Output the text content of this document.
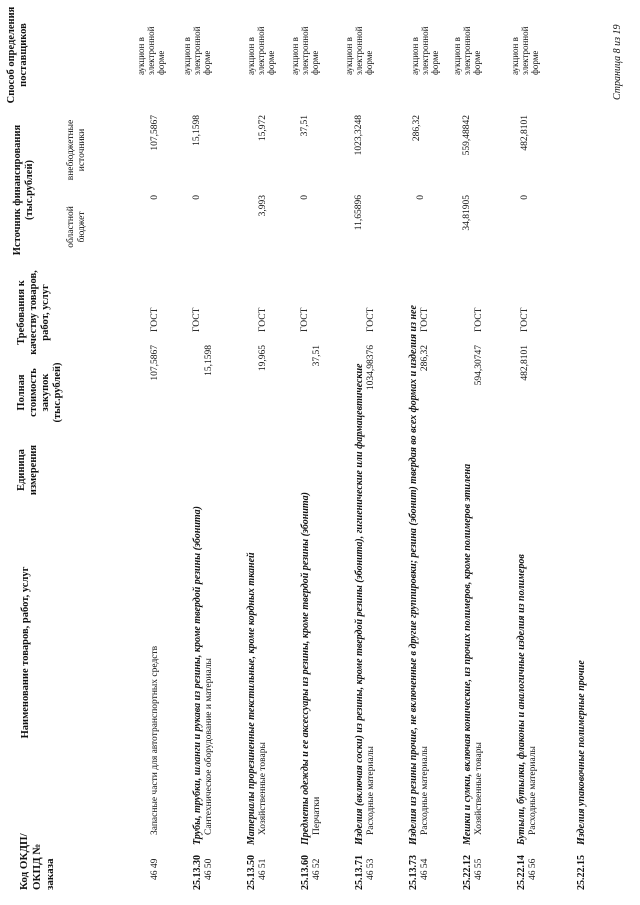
Код ОКДП/ ОКПД № заказа
Наименование товаров, работ, услуг
Единица измерения
Полная стоимость закупок (тыс.рублей)
Требования к качеству товаров, работ, услуг
Источник финансирования (тыс.рублей)
областной бюджет
внебюджетные источники
Способ определения поставщиков
46 49
Запасные части для автотранспортных средств
107,5867
ГОСТ
0
107,5867
аукцион в электронной форме
25.13.30Трубы, трубки, шланги и рукава из резины, кроме твердой резины (эбонита)
46 50
Сантехническое оборудование и материалы
15,1598
ГОСТ
0
15,1598
аукцион в электронной форме
25.13.50Материалы прорезиненные текстильные, кроме кордных тканей
46 51
Хозяйственные товары
19,965
ГОСТ
3,993
15,972
аукцион в электронной форме
25.13.60Предметы одежды и ее аксессуары из резины, кроме твердой резины (эбонита)
46 52
Перчатки
37,51
ГОСТ
0
37,51
аукцион в электронной форме
25.13.71Изделия (включая соски) из резины, кроме твердой резины (эбонита), гигиенические или фармацевтические
46 53
Расходные материалы
1034,98376
ГОСТ
11,65896
1023,3248
аукцион в электронной форме
25.13.73Изделия из резины прочие, не включенные в другие группировки; резина (эбонит) твердая во всех формах и изделия из нее
46 54
Расходные материалы
286,32
ГОСТ
0
286,32
аукцион в электронной форме
25.22.12Мешки и сумки, включая конические, из прочих полимеров, кроме полимеров этилена
46 55
Хозяйственные товары
594,30747
ГОСТ
34,81905
559,48842
аукцион в электронной форме
25.22.14Бутыли, бутылки, флаконы и аналогичные изделия из полимеров
46 56
Расходные материалы
482,8101
ГОСТ
0
482,8101
аукцион в электронной форме
25.22.15Изделия упаковочные полимерные прочие
Страница 8 из 19
